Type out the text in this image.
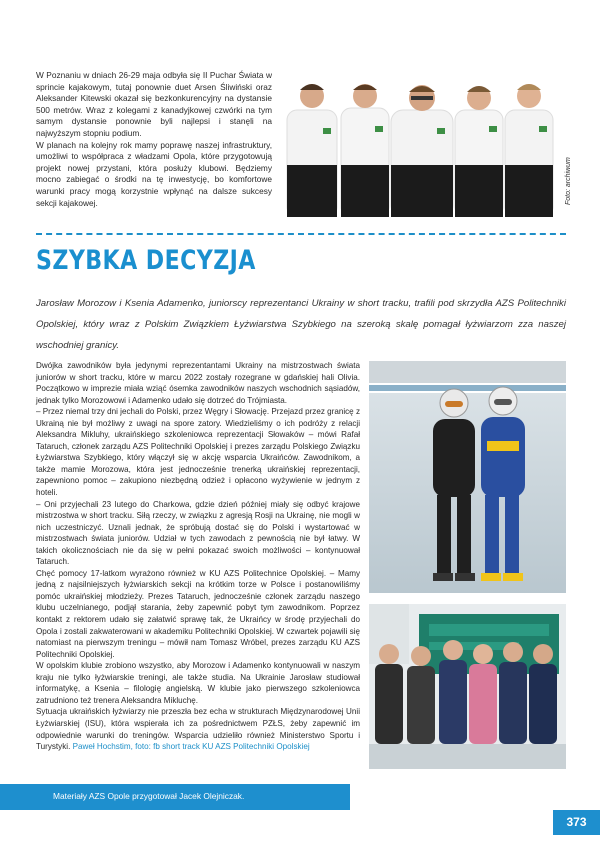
W Poznaniu w dniach 26-29 maja odbyła się II Puchar Świata w sprincie kajakowym, tutaj ponownie duet Arsen Śliwiński oraz Aleksander Kitewski okazał się bezkonkurencyjny na dystansie 500 metrów. Wraz z kolegami z kanadyjkowej czwórki na tym samym dystansie ponownie byli najlepsi i stanęli na najwyższym stopniu podium.

W planach na kolejny rok mamy poprawę naszej infrastruktury, umożliwi to współpraca z władzami Opola, które przygotowują projekt nowej przystani, która posłuży klubowi. Będziemy mocno zabiegać o środki na tę inwestycję, bo komfortowe warunki pracy mogą korzystnie wpłynąć na dalsze sukcesy sekcji kajakowej.	Foto: archiwum
SZYBKA DECYZJA
Jarosław Morozow i Ksenia Adamenko, juniorscy reprezentanci Ukrainy w short tracku, trafili pod skrzydła AZS Politechniki Opolskiej, który wraz z Polskim Związkiem Łyżwiarstwa Szybkiego na szeroką skalę pomagał łyżwiarzom zza naszej wschodniej granicy.

Dwójka zawodników była jedynymi reprezentantami Ukrainy na mistrzostwach świata juniorów w short tracku, które w marcu 2022 zostały rozegrane w gdańskiej hali Olivia. Początkowo w imprezie miała wziąć ósemka zawodników naszych wschodnich sąsiadów, jednak tylko Morozowowi i Adamenko udało się dotrzeć do Trójmiasta.

– Przez niemal trzy dni jechali do Polski, przez Węgry i Słowację. Przejazd przez granicę z Ukrainą nie był możliwy z uwagi na spore zatory. Wiedzieliśmy o ich podróży z relacji Aleksandra Mikluhy, ukraińskiego szkoleniowca reprezentacji Słowaków – mówi Rafał Tataruch, członek zarządu AZS Politechniki Opolskiej i prezes zarządu Polskiego Związku Łyżwiarstwa Szybkiego, który włączył się w akcję wsparcia Ukraińców. Zawodnikom, a także mamie Morozowa, która jest jednocześnie trenerką ukraińskiej reprezentacji, zapewniono pomoc – zakupiono niezbędną odzież i opłacono wyżywienie w jednym z hoteli.

– Oni przyjechali 23 lutego do Charkowa, gdzie dzień później miały się odbyć krajowe mistrzostwa w short tracku. Siłą rzeczy, w związku z agresją Rosji na Ukrainę, nie mogli w nich uczestniczyć. Uznali jednak, że spróbują dostać się do Polski i wystartować w mistrzostwach świata juniorów. Udział w tych zawodach z pewnością nie był łatwy. W takich okolicznościach nie da się w pełni pokazać swoich możliwości – kontynuował Tataruch.

Chęć pomocy 17-latkom wyrażono również w KU AZS Politechnice Opolskiej. – Mamy jedną z najsilniejszych łyżwiarskich sekcji na krótkim torze w Polsce i postanowiliśmy pomóc ukraińskiej młodzieży. Prezes Tataruch, jednocześnie członek zarządu naszego klubu uczelnianego, podjął starania, żeby zapewnić pobyt tym zawodnikom. Poprzez kontakt z rektorem udało się załatwić sprawę tak, że Ukraińcy w środę przyjechali do Opola i zostali zakwaterowani w akademiku Politechniki Opolskiej. W czwartek pojawili się natomiast na pierwszym treningu – mówił nam Tomasz Wróbel, prezes zarządu KU AZS Politechniki Opolskiej.

W opolskim klubie zrobiono wszystko, aby Morozow i Adamenko kontynuowali w naszym kraju nie tylko łyżwiarskie treningi, ale także studia. Na Ukrainie Jarosław studiował informatykę, a Ksenia – filologię angielską. W klubie jako pierwszego szkoleniowca zatrudniono też trenera Aleksandra Mikluchę.

Sytuacja ukraińskich łyżwiarzy nie przeszła bez echa w strukturach Międzynarodowej Unii Łyżwiarskiej (ISU), która wspierała ich za pośrednictwem PZŁS, żeby zapewnić im odpowiednie warunki do treningów. Wsparcia udzieliło również Ministerstwo Sportu i Turystyki. Paweł Hochstim, foto: fb short track KU AZS Politechniki Opolskiej

Materiały AZS Opole przygotował Jacek Olejniczak.
373
